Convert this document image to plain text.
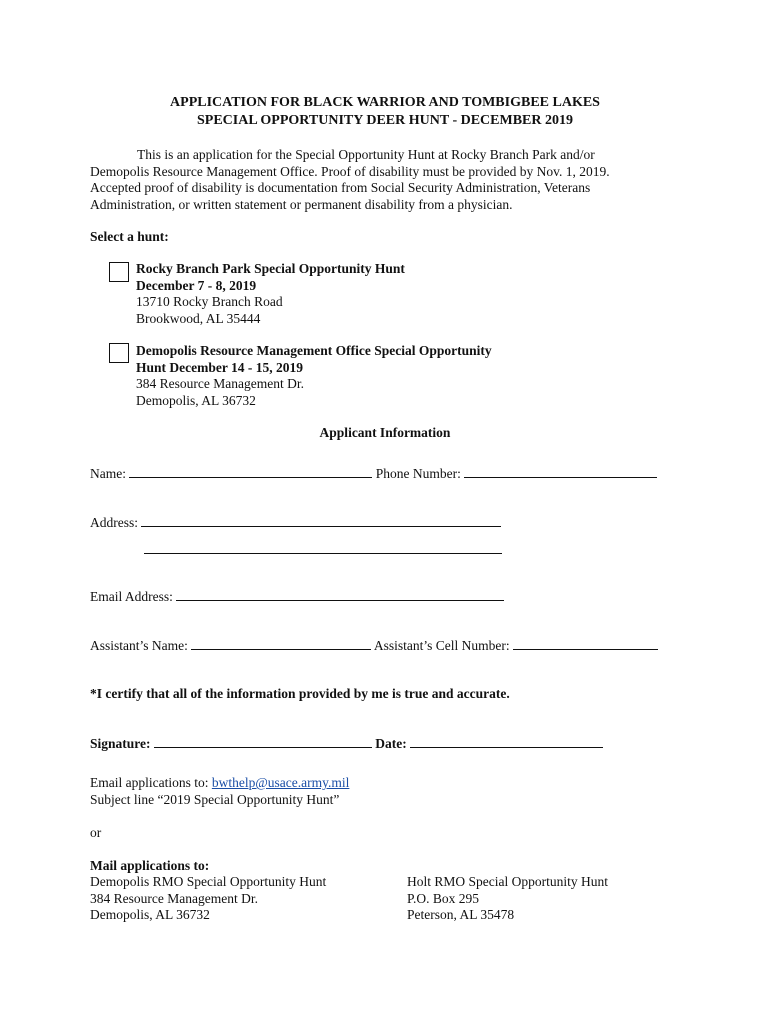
APPLICATION FOR BLACK WARRIOR AND TOMBIGBEE LAKES
SPECIAL OPPORTUNITY DEER HUNT - DECEMBER 2019

This is an application for the Special Opportunity Hunt at Rocky Branch Park and/or

Demopolis Resource Management Office. Proof of disability must be provided by Nov. 1, 2019.

Accepted proof of disability is documentation from Social Security Administration, Veterans

Administration, or written statement or permanent disability from a physician.

Select a hunt:
Rocky Branch Park Special Opportunity Hunt
December 7 - 8, 2019
13710 Rocky Branch Road
Brookwood, AL 35444
Demopolis Resource Management Office Special Opportunity
Hunt December 14 - 15, 2019
384 Resource Management Dr.
Demopolis, AL 36732
Applicant Information
Name:	Phone Number:
Address:
Email Address:
Assistant’s Name:	Assistant’s Cell Number:
*I certify that all of the information provided by me is true and accurate.
Signature:	Date:
Email applications to: bwthelp@usace.army.mil
Subject line “2019 Special Opportunity Hunt”
or
Mail applications to:
Demopolis RMO Special Opportunity Hunt
384 Resource Management Dr.
Demopolis, AL 36732
Holt RMO Special Opportunity Hunt
P.O. Box 295
Peterson, AL 35478
